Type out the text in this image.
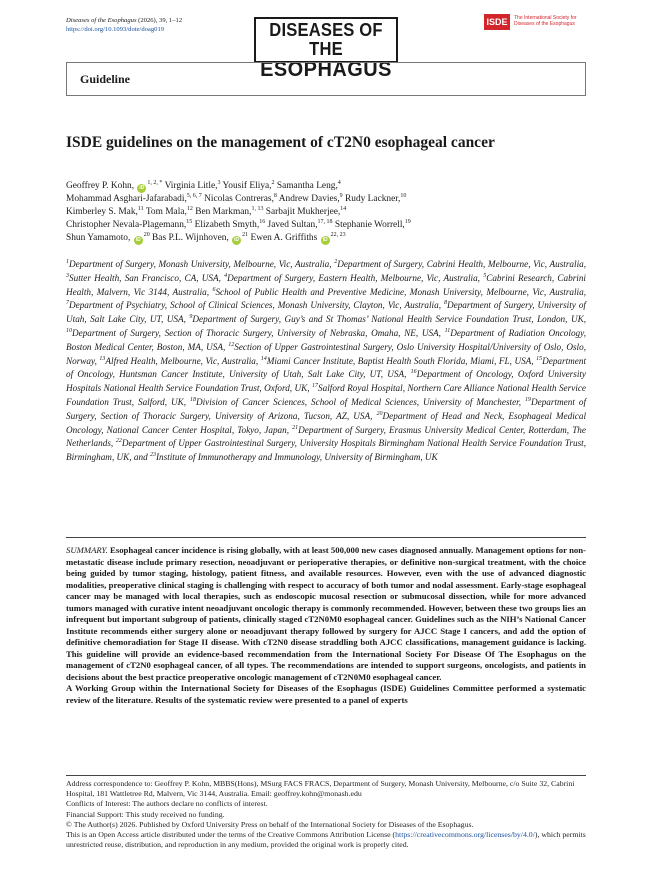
Diseases of the Esophagus (2026), 39, 1–12
https://doi.org/10.1093/dote/doag019	DISEASES OF THE
ESOPHAGUS
ISDE	The International Society for Diseases of the Esophagus
Guideline
ISDE guidelines on the management of cT2N0 esophageal cancer
Geoffrey P. Kohn, $iD^{1, 2, *}$ Virginia Litle,$^3$ Yousif Eliya,$^2$ Samantha Leng,$^4$
Mohammad Asghari-Jafarabadi,$^{5, 6, 7}$ Nicolas Contreras,$^8$ Andrew Davies,$^9$ Rudy Lackner,$^{10}$
Kimberley S. Mak,$^{11}$ Tom Mala,$^{12}$ Ben Markman,$^{1, 13}$ Sarbajit Mukherjee,$^{14}$
Christopher Nevala-Plagemann,$^{15}$ Elizabeth Smyth,$^{16}$ Javed Sultan,$^{17, 18}$ Stephanie Worrell,$^{19}$
Shun Yamamoto, $iD^{20}$ Bas P.L. Wijnhoven, $iD^{21}$ Ewen A. Griffiths iD$^{22, 23}$
$^1$Department of Surgery, Monash University, Melbourne, Vic, Australia, $^2$Department of Surgery, Cabrini Health, Melbourne, Vic, Australia, $^3$Sutter Health, San Francisco, CA, USA, $^4$Department of Surgery, Eastern Health, Melbourne, Vic, Australia, $^5$Cabrini Research, Cabrini Health, Malvern, Vic 3144, Australia, $^6$School of Public Health and Preventive Medicine, Monash University, Melbourne, Vic, Australia, $^7$Department of Psychiatry, School of Clinical Sciences, Monash University, Clayton, Vic, Australia, $^8$Department of Surgery, University of Utah, Salt Lake City, UT, USA, $^9$Department of Surgery, Guy’s and St Thomas’ National Health Service Foundation Trust, London, UK, $^{10}$Department of Surgery, Section of Thoracic Surgery, University of Nebraska, Omaha, NE, USA, $^{11}$Department of Radiation Oncology, Boston Medical Center, Boston, MA, USA, $^{12}$Section of Upper Gastrointestinal Surgery, Oslo University Hospital/University of Oslo, Oslo, Norway, $^{13}$Alfred Health, Melbourne, Vic, Australia, $^{14}$Miami Cancer Institute, Baptist Health South Florida, Miami, FL, USA, $^{15}$Department of Oncology, Huntsman Cancer Institute, University of Utah, Salt Lake City, UT, USA, $^{16}$Department of Oncology, Oxford University Hospitals National Health Service Foundation Trust, Oxford, UK, $^{17}$Salford Royal Hospital, Northern Care Alliance National Health Service Foundation Trust, Salford, UK, $^{18}$Division of Cancer Sciences, School of Medical Sciences, University of Manchester, $^{19}$Department of Surgery, Section of Thoracic Surgery, University of Arizona, Tucson, AZ, USA, $^{20}$Department of Head and Neck, Esophageal Medical Oncology, National Cancer Center Hospital, Tokyo, Japan, $^{21}$Department of Surgery, Erasmus University Medical Center, Rotterdam, The Netherlands, $^{22}$Department of Upper Gastrointestinal Surgery, University Hospitals Birmingham National Health Service Foundation Trust, Birmingham, UK, and $^{23}$Institute of Immunotherapy and Immunology, University of Birmingham, UK

SUMMARY. Esophageal cancer incidence is rising globally, with at least 500,000 new cases diagnosed annually. Management options for non-metastatic disease include primary resection, neoadjuvant or perioperative therapies, or definitive non-surgical treatment, with the choice being guided by tumor staging, histology, patient fitness, and available resources. However, even with the use of advanced diagnostic modalities, preoperative clinical staging is challenging with respect to accuracy of both tumor and nodal assessment. Early-stage esophageal cancer may be managed with local therapies, such as endoscopic mucosal resection or submucosal dissection, while for more advanced tumors managed with curative intent neoadjuvant oncologic therapy is commonly recommended. However, between these two groups lies an infrequent but important subgroup of patients, clinically staged cT2N0M0 esophageal cancer. Guidelines such as the NIH’s National Cancer Institute recommends either surgery alone or neoadjuvant therapy followed by surgery for AJCC Stage I cancers, and add the option of definitive chemoradiation for Stage II disease. With cT2N0 disease straddling both AJCC classifications, management guidance is lacking. This guideline will provide an evidence-based recommendation from the International Society For Disease Of The Esophagus on the management of cT2N0 esophageal cancer, of all types. The recommendations are intended to support surgeons, oncologists, and patients in decisions about the best practice preoperative oncologic management of cT2N0M0 esophageal cancer.

A Working Group within the International Society for Diseases of the Esophagus (ISDE) Guidelines Committee performed a systematic review of the literature. Results of the systematic review were presented to a panel of experts

Address correspondence to: Geoffrey P. Kohn, MBBS(Hons), MSurg FACS FRACS, Department of Surgery, Monash University, Melbourne, c/o Suite 32, Cabrini Hospital, 181 Wattletree Rd, Malvern, Vic 3144, Australia. Email: geoffrey.kohn@monash.edu
Conflicts of Interest: The authors declare no conflicts of interest.
Financial Support: This study received no funding.
© The Author(s) 2026. Published by Oxford University Press on behalf of the International Society for Diseases of the Esophagus.
This is an Open Access article distributed under the terms of the Creative Commons Attribution License (https://creativecommons.org/licenses/by/4.0/), which permits unrestricted reuse, distribution, and reproduction in any medium, provided the original work is properly cited.
